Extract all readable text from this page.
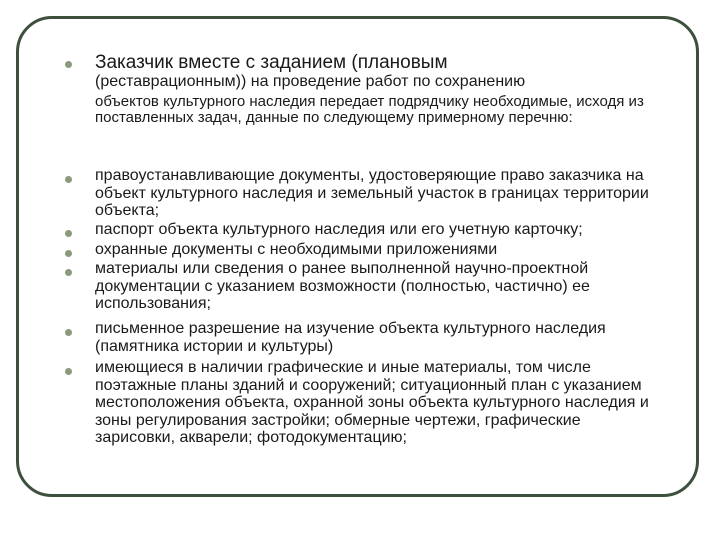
Заказчик вместе с заданием (плановым

(реставрационным)) на проведение работ по сохранению

объектов культурного наследия передает подрядчику необходимые, исходя из поставленных задач, данные по следующему примерному перечню:

правоустанавливающие документы, удостоверяющие право заказчика на объект культурного наследия и земельный участок в границах территории объекта;

паспорт объекта культурного наследия или его учетную карточку;

охранные документы с необходимыми приложениями

материалы или сведения о ранее выполненной научно-проектной документации с указанием возможности (полностью, частично) ее использования;

письменное разрешение на изучение объекта культурного наследия (памятника истории и культуры)

имеющиеся в наличии графические и иные материалы, том числе поэтажные планы зданий и сооружений; ситуационный план с указанием местоположения объекта, охранной зоны объекта культурного наследия и зоны регулирования застройки; обмерные чертежи, графические зарисовки, акварели; фотодокументацию;
